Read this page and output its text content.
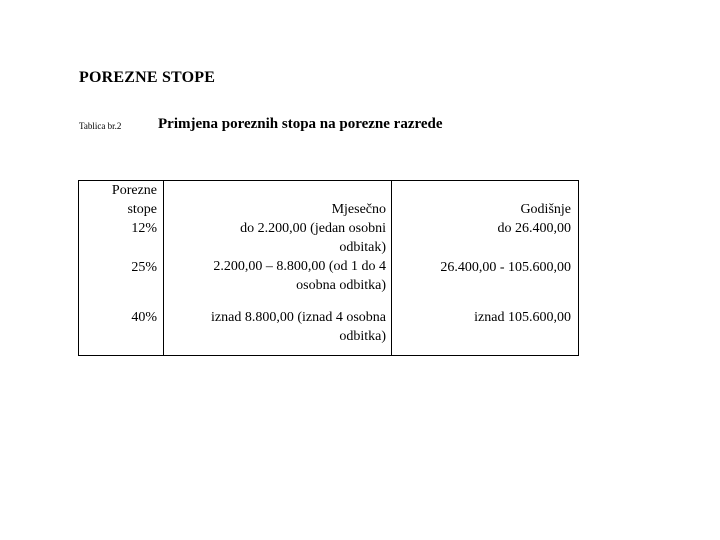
POREZNE STOPE
Tablica br.2 Primjena poreznih stopa na porezne razrede
Porezne
stope
12%
25%
40%
Mjesečno
do 2.200,00 (jedan osobni
odbitak)
2.200,00 – 8.800,00 (od 1 do 4
osobna odbitka)
iznad 8.800,00 (iznad 4 osobna
odbitka)
Godišnje
do 26.400,00
26.400,00 - 105.600,00
iznad 105.600,00
